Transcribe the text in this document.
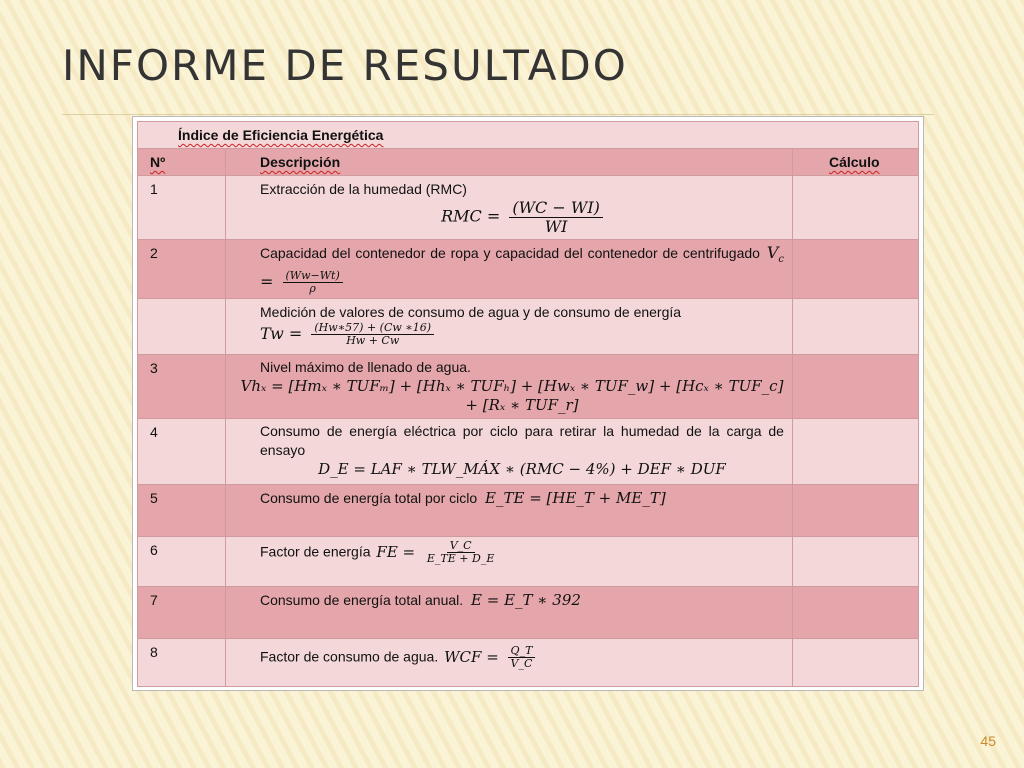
INFORME DE RESULTADO
Índice de Eficiencia Energética		
Nº	Descripción	Cálculo
1	Extracción de la humedad (RMC)
RMC = $\frac{(WC - WI)}{WI}$

2	Capacidad del contenedor de ropa y capacidad del contenedor de centrifugado $V_c = \frac{(Ww-Wt)}{\rho}$

	Medición de valores de consumo de agua y de consumo de energía
$Tw = \frac{(Hw∗57) + (Cw ∗16)}{Hw + Cw}$

3	Nivel máximo de llenado de agua.
Vhₓ = [Hmₓ ∗ TUFₘ] + [Hhₓ ∗ TUFₕ] + [Hwₓ ∗ TUF_w] + [Hcₓ ∗ TUF_c]
+ [Rₓ ∗ TUF_r]	

4	Consumo de energía eléctrica por ciclo para retirar la humedad de la carga de ensayo
D_E = LAF ∗ TLW_MÁX ∗ (RMC − 4%) + DEF ∗ DUF	

5	Consumo de energía total por ciclo E_TE = [HE_T + ME_T]	
6	Factor de energía FE = $\frac{V\_C}{E\_TE + D\_E}$

7	Consumo de energía total anual. E = E_T ∗ 392	
8	Factor de consumo de agua. WCF = $\frac{Q\_T}{V\_C}$

45
